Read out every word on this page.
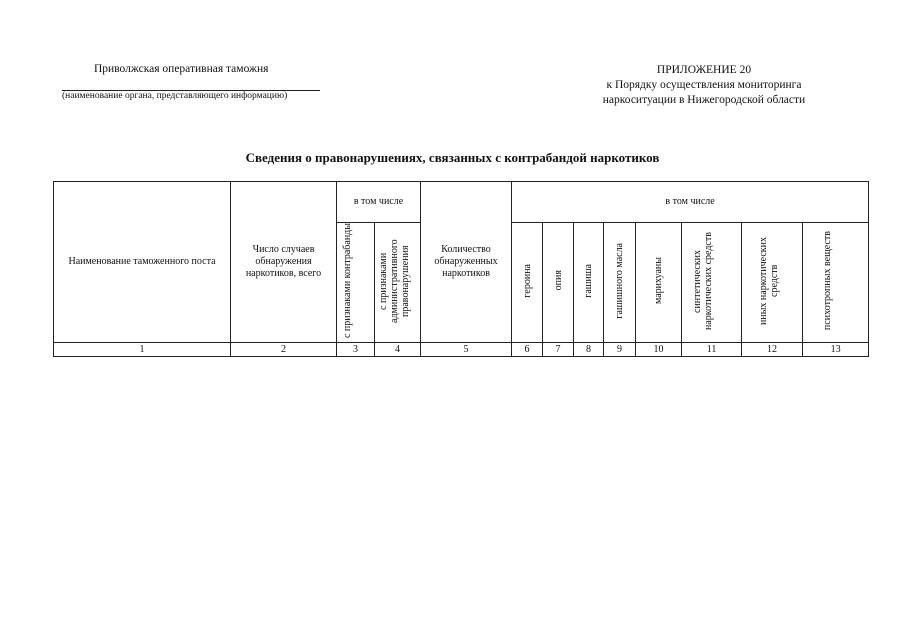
Приволжская оперативная таможня
(наименование органа, представляющего информацию)
ПРИЛОЖЕНИЕ 20
к Порядку осуществления мониторинга
наркоситуации в Нижегородской области
Сведения о правонарушениях, связанных с контрабандой наркотиков
Наименование таможенного поста	Число случаев обнаружения наркотиков, всего	в том числе		Количество обнаруженных наркотиков	в том числе							
		с признаками контрабанды	с признаками административного правонарушения		героина	опия	гашиша	гашишного масла	марихуаны	синтетических наркотических средств	иных наркотических средств	психотропных веществ
1	2	3	4	5	6	7	8	9	10	11	12	13
